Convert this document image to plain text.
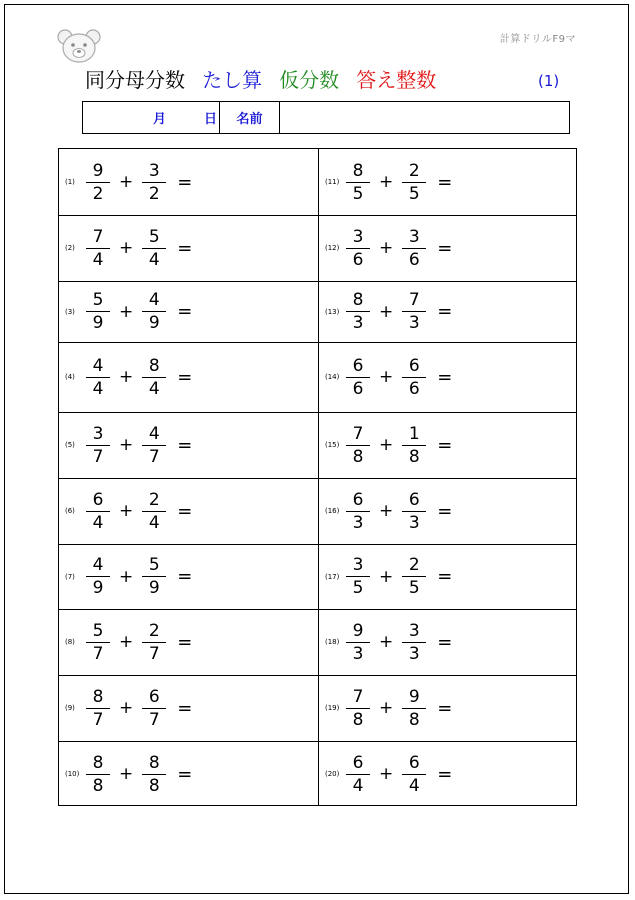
計算ドリルF9マ
同分母分数 たし算 仮分数 答え整数	(1)
月	日	名前
$(1) \frac{9}{2} + \frac{3}{2}$ =
$(2) \frac{7}{4} + \frac{5}{4}$ =
$(3) \frac{5}{9} + \frac{4}{9}$ =
$(4) \frac{4}{4} + \frac{8}{4}$ =
$(5) \frac{3}{7} + \frac{4}{7}$ =
$(6) \frac{6}{4} + \frac{2}{4}$ =
$(7) \frac{4}{9} + \frac{5}{9}$ =
$(8) \frac{5}{7} + \frac{2}{7}$ =
$(9) \frac{8}{7} + \frac{6}{7}$ =
$(10) \frac{8}{8} + \frac{8}{8}$ =
$(11) \frac{8}{5} + \frac{2}{5}$ =
$(12) \frac{3}{6} + \frac{3}{6}$ =
$(13) \frac{8}{3} + \frac{7}{3}$ =
$(14) \frac{6}{6} + \frac{6}{6}$ =
$(15) \frac{7}{8} + \frac{1}{8}$ =
$(16) \frac{6}{3} + \frac{6}{3}$ =
$(17) \frac{3}{5} + \frac{2}{5}$ =
$(18) \frac{9}{3} + \frac{3}{3}$ =
$(19) \frac{7}{8} + \frac{9}{8}$ =
$(20) \frac{6}{4} + \frac{6}{4}$ =
